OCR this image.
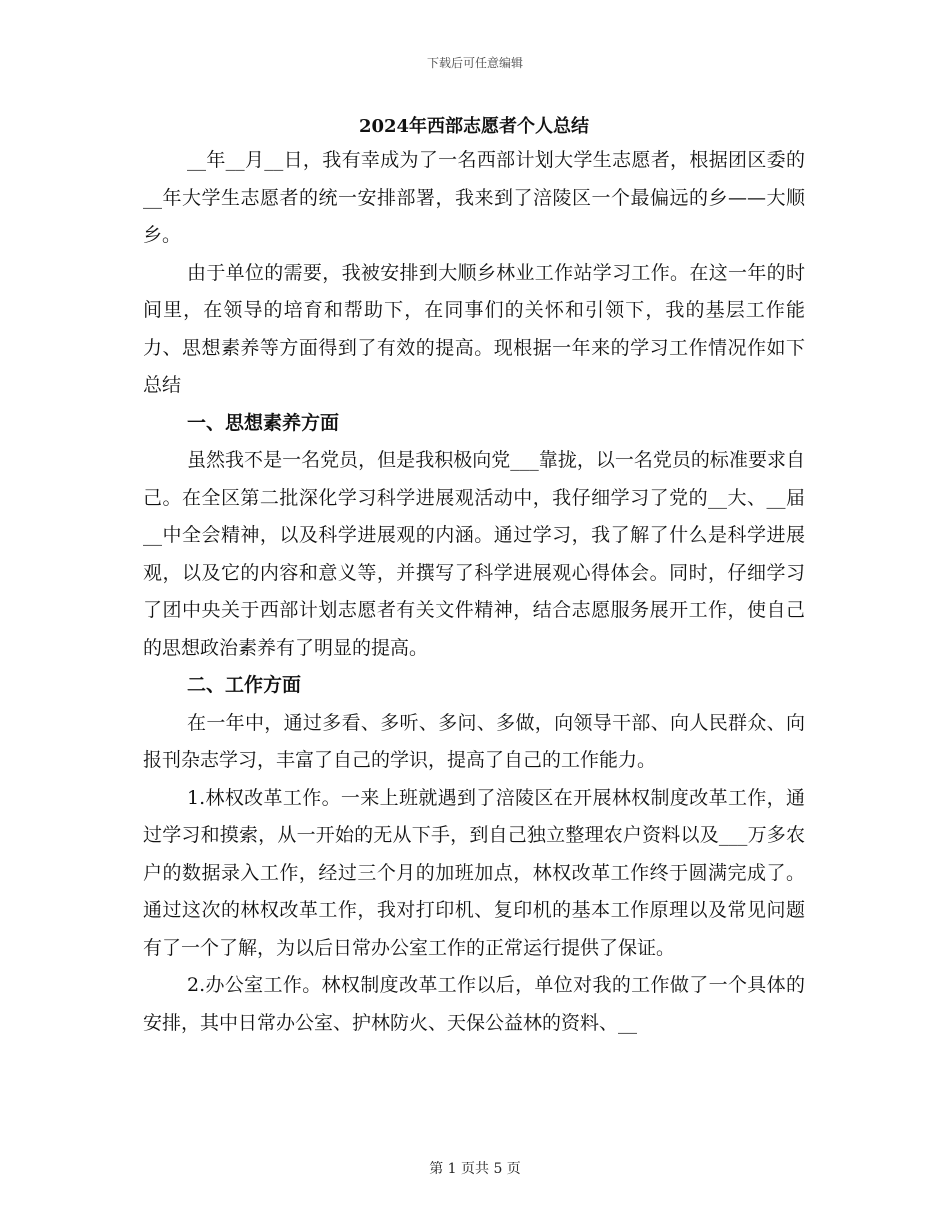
下载后可任意编辑

2024年西部志愿者个人总结

__年__月__日，我有幸成为了一名西部计划大学生志愿者，根据团区委的__年大学生志愿者的统一安排部署，我来到了涪陵区一个最偏远的乡——大顺乡。

由于单位的需要，我被安排到大顺乡林业工作站学习工作。在这一年的时间里，在领导的培育和帮助下，在同事们的关怀和引领下，我的基层工作能力、思想素养等方面得到了有效的提高。现根据一年来的学习工作情况作如下总结

一、思想素养方面

虽然我不是一名党员，但是我积极向党___靠拢，以一名党员的标准要求自己。在全区第二批深化学习科学进展观活动中，我仔细学习了党的__大、__届__中全会精神，以及科学进展观的内涵。通过学习，我了解了什么是科学进展观，以及它的内容和意义等，并撰写了科学进展观心得体会。同时，仔细学习了团中央关于西部计划志愿者有关文件精神，结合志愿服务展开工作，使自己的思想政治素养有了明显的提高。

二、工作方面

在一年中，通过多看、多听、多问、多做，向领导干部、向人民群众、向报刊杂志学习，丰富了自己的学识，提高了自己的工作能力。

1.林权改革工作。一来上班就遇到了涪陵区在开展林权制度改革工作，通过学习和摸索，从一开始的无从下手，到自己独立整理农户资料以及___万多农户的数据录入工作，经过三个月的加班加点，林权改革工作终于圆满完成了。通过这次的林权改革工作，我对打印机、复印机的基本工作原理以及常见问题有了一个了解，为以后日常办公室工作的正常运行提供了保证。

2.办公室工作。林权制度改革工作以后，单位对我的工作做了一个具体的安排，其中日常办公室、护林防火、天保公益林的资料、__

第 1 页共 5 页
